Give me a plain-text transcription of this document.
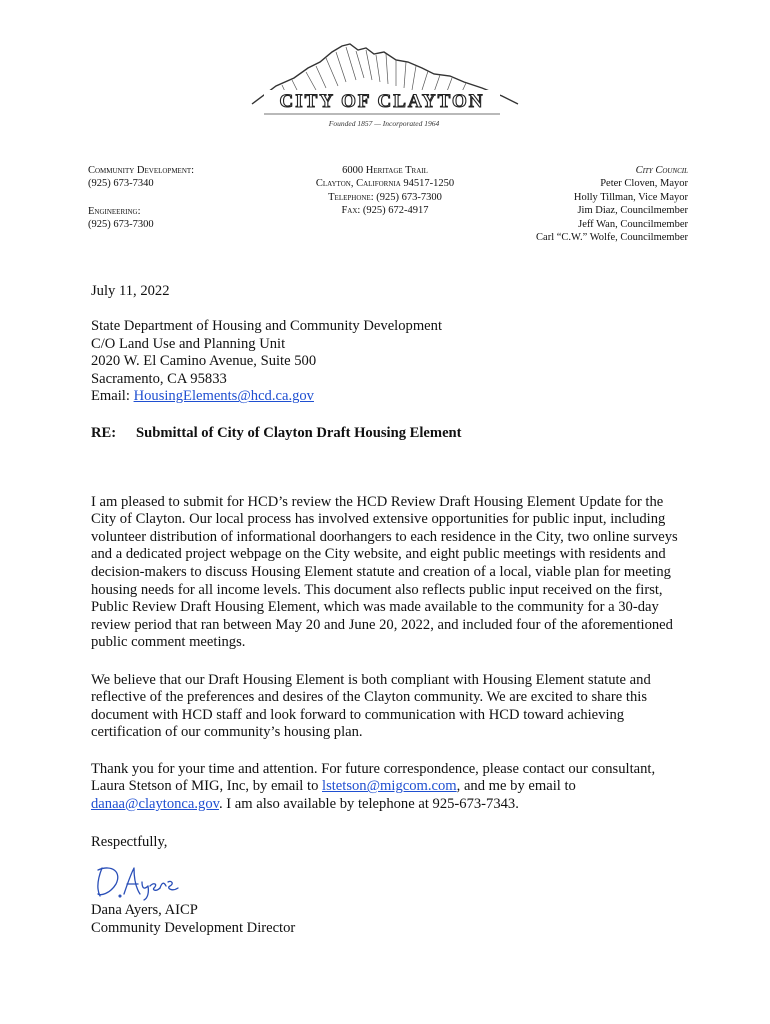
CITY OF CLAYTON
Founded 1857 — Incorporated 1964
Community Development:
(925) 673-7340
Engineering:
(925) 673-7300
6000 Heritage Trail
Clayton, California 94517-1250
Telephone: (925) 673-7300
Fax: (925) 672-4917
City Council
Peter Cloven, Mayor
Holly Tillman, Vice Mayor
Jim Diaz, Councilmember
Jeff Wan, Councilmember
Carl “C.W.” Wolfe, Councilmember
July 11, 2022
State Department of Housing and Community Development
C/O Land Use and Planning Unit
2020 W. El Camino Avenue, Suite 500
Sacramento, CA 95833
Email: HousingElements@hcd.ca.gov
RE: Submittal of City of Clayton Draft Housing Element

I am pleased to submit for HCD’s review the HCD Review Draft Housing Element Update for the City of Clayton. Our local process has involved extensive opportunities for public input, including volunteer distribution of informational doorhangers to each residence in the City, two online surveys and a dedicated project webpage on the City website, and eight public meetings with residents and decision-makers to discuss Housing Element statute and creation of a local, viable plan for meeting housing needs for all income levels. This document also reflects public input received on the first, Public Review Draft Housing Element, which was made available to the community for a 30-day review period that ran between May 20 and June 20, 2022, and included four of the aforementioned public comment meetings.

We believe that our Draft Housing Element is both compliant with Housing Element statute and reflective of the preferences and desires of the Clayton community. We are excited to share this document with HCD staff and look forward to communication with HCD toward achieving certification of our community’s housing plan.

Thank you for your time and attention. For future correspondence, please contact our consultant, Laura Stetson of MIG, Inc, by email to lstetson@migcom.com, and me by email to danaa@claytonca.gov. I am also available by telephone at 925-673-7343.

Respectfully,
Dana Ayers, AICP
Community Development Director
